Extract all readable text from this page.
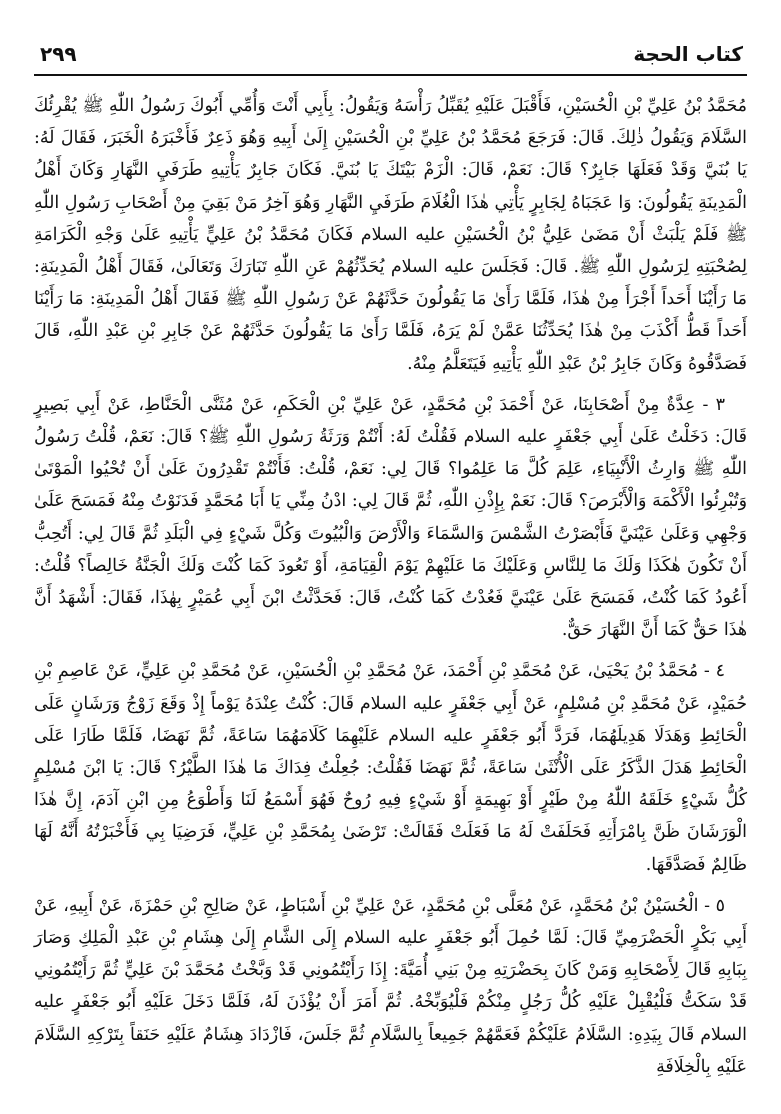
كتاب الحجة
٢٩٩

مُحَمَّدُ بْنُ عَلِيِّ بْنِ الْحُسَيْنِ، فَأَقْبَلَ عَلَيْهِ يُقَبِّلُ رَأْسَهُ وَيَقُولُ: بِأَبِي أَنْتَ وَأُمِّي أَبُوكَ رَسُولُ اللّٰهِ ﷺ يُقْرِئُكَ السَّلَامَ وَيَقُولُ ذٰلِكَ. قَالَ: فَرَجَعَ مُحَمَّدُ بْنُ عَلِيِّ بْنِ الْحُسَيْنِ إِلَىٰ أَبِيهِ وَهُوَ ذَعِرٌ فَأَخْبَرَهُ الْخَبَرَ، فَقَالَ لَهُ: يَا بُنَيَّ وَقَدْ فَعَلَهَا جَابِرٌ؟ قَالَ: نَعَمْ، قَالَ: الْزَمْ بَيْتَكَ يَا بُنَيَّ. فَكَانَ جَابِرٌ يَأْتِيهِ طَرَفَيِ النَّهَارِ وَكَانَ أَهْلُ الْمَدِينَةِ يَقُولُونَ: وَا عَجَبَاهُ لِجَابِرٍ يَأْتِي هٰذَا الْغُلَامَ طَرَفَيِ النَّهَارِ وَهُوَ آخِرُ مَنْ بَقِيَ مِنْ أَصْحَابِ رَسُولِ اللّٰهِ ﷺ فَلَمْ يَلْبَثْ أَنْ مَضَىٰ عَلِيُّ بْنُ الْحُسَيْنِ عليه السلام فَكَانَ مُحَمَّدُ بْنُ عَلِيٍّ يَأْتِيهِ عَلَىٰ وَجْهِ الْكَرَامَةِ لِصُحْبَتِهِ لِرَسُولِ اللّٰهِ ﷺ. قَالَ: فَجَلَسَ عليه السلام يُحَدِّثُهُمْ عَنِ اللّٰهِ تَبَارَكَ وَتَعَالَىٰ، فَقَالَ أَهْلُ الْمَدِينَةِ: مَا رَأَيْنَا أَحَداً أَجْرَأَ مِنْ هٰذَا، فَلَمَّا رَأَىٰ مَا يَقُولُونَ حَدَّثَهُمْ عَنْ رَسُولِ اللّٰهِ ﷺ فَقَالَ أَهْلُ الْمَدِينَةِ: مَا رَأَيْنَا أَحَداً قَطُّ أَكْذَبَ مِنْ هٰذَا يُحَدِّثُنَا عَمَّنْ لَمْ يَرَهُ، فَلَمَّا رَأَىٰ مَا يَقُولُونَ حَدَّثَهُمْ عَنْ جَابِرِ بْنِ عَبْدِ اللّٰهِ، قَالَ فَصَدَّقُوهُ وَكَانَ جَابِرُ بْنُ عَبْدِ اللّٰهِ يَأْتِيهِ فَيَتَعَلَّمُ مِنْهُ.

٣ - عِدَّةٌ مِنْ أَصْحَابِنَا، عَنْ أَحْمَدَ بْنِ مُحَمَّدٍ، عَنْ عَلِيِّ بْنِ الْحَكَمِ، عَنْ مُثَنَّى الْحَنَّاطِ، عَنْ أَبِي بَصِيرٍ قَالَ: دَخَلْتُ عَلَىٰ أَبِي جَعْفَرٍ عليه السلام فَقُلْتُ لَهُ: أَنْتُمْ وَرَثَةُ رَسُولِ اللّٰهِ ﷺ؟ قَالَ: نَعَمْ، قُلْتُ رَسُولُ اللّٰهِ ﷺ وَارِثُ الْأَنْبِيَاءِ، عَلِمَ كُلَّ مَا عَلِمُوا؟ قَالَ لِي: نَعَمْ، قُلْتُ: فَأَنْتُمْ تَقْدِرُونَ عَلَىٰ أَنْ تُحْيُوا الْمَوْتَىٰ وَتُبْرِئُوا الْأَكْمَهَ وَالْأَبْرَصَ؟ قَالَ: نَعَمْ بِإِذْنِ اللّٰهِ، ثُمَّ قَالَ لِي: ادْنُ مِنِّي يَا أَبَا مُحَمَّدٍ فَدَنَوْتُ مِنْهُ فَمَسَحَ عَلَىٰ وَجْهِي وَعَلَىٰ عَيْنَيَّ فَأَبْصَرْتُ الشَّمْسَ وَالسَّمَاءَ وَالْأَرْضَ وَالْبُيُوتَ وَكُلَّ شَيْءٍ فِي الْبَلَدِ ثُمَّ قَالَ لِي: أَتُحِبُّ أَنْ تَكُونَ هٰكَذَا وَلَكَ مَا لِلنَّاسِ وَعَلَيْكَ مَا عَلَيْهِمْ يَوْمَ الْقِيَامَةِ، أَوْ تَعُودَ كَمَا كُنْتَ وَلَكَ الْجَنَّةُ خَالِصاً؟ قُلْتُ: أَعُودُ كَمَا كُنْتُ، فَمَسَحَ عَلَىٰ عَيْنَيَّ فَعُدْتُ كَمَا كُنْتُ، قَالَ: فَحَدَّثْتُ ابْنَ أَبِي عُمَيْرٍ بِهٰذَا، فَقَالَ: أَشْهَدُ أَنَّ هٰذَا حَقٌّ كَمَا أَنَّ النَّهَارَ حَقٌّ.

٤ - مُحَمَّدُ بْنُ يَحْيَىٰ، عَنْ مُحَمَّدِ بْنِ أَحْمَدَ، عَنْ مُحَمَّدِ بْنِ الْحُسَيْنِ، عَنْ مُحَمَّدِ بْنِ عَلِيٍّ، عَنْ عَاصِمِ بْنِ حُمَيْدٍ، عَنْ مُحَمَّدِ بْنِ مُسْلِمٍ، عَنْ أَبِي جَعْفَرٍ عليه السلام قَالَ: كُنْتُ عِنْدَهُ يَوْماً إِذْ وَقَعَ زَوْجُ وَرَشَانٍ عَلَى الْحَائِطِ وَهَدَلَا هَدِيلَهُمَا، فَرَدَّ أَبُو جَعْفَرٍ عليه السلام عَلَيْهِمَا كَلَامَهُمَا سَاعَةً، ثُمَّ نَهَضَا، فَلَمَّا طَارَا عَلَى الْحَائِطِ هَدَلَ الذَّكَرُ عَلَى الْأُنْثَىٰ سَاعَةً، ثُمَّ نَهَضَا فَقُلْتُ: جُعِلْتُ فِدَاكَ مَا هٰذَا الطَّيْرُ؟ قَالَ: يَا ابْنَ مُسْلِمٍ كُلُّ شَيْءٍ خَلَقَهُ اللّٰهُ مِنْ طَيْرٍ أَوْ بَهِيمَةٍ أَوْ شَيْءٍ فِيهِ رُوحٌ فَهُوَ أَسْمَعُ لَنَا وَأَطْوَعُ مِنِ ابْنِ آدَمَ، إِنَّ هٰذَا الْوَرَشَانَ ظَنَّ بِامْرَأَتِهِ فَحَلَفَتْ لَهُ مَا فَعَلَتْ فَقَالَتْ: تَرْضَىٰ بِمُحَمَّدِ بْنِ عَلِيٍّ، فَرَضِيَا بِي فَأَخْبَرْتُهُ أَنَّهُ لَهَا ظَالِمٌ فَصَدَّقَهَا.

٥ - الْحُسَيْنُ بْنُ مُحَمَّدٍ، عَنْ مُعَلَّى بْنِ مُحَمَّدٍ، عَنْ عَلِيِّ بْنِ أَسْبَاطٍ، عَنْ صَالِحِ بْنِ حَمْزَةَ، عَنْ أَبِيهِ، عَنْ أَبِي بَكْرٍ الْحَضْرَمِيِّ قَالَ: لَمَّا حُمِلَ أَبُو جَعْفَرٍ عليه السلام إِلَى الشَّامِ إِلَىٰ هِشَامِ بْنِ عَبْدِ الْمَلِكِ وَصَارَ بِبَابِهِ قَالَ لِأَصْحَابِهِ وَمَنْ كَانَ بِحَضْرَتِهِ مِنْ بَنِي أُمَيَّةَ: إِذَا رَأَيْتُمُونِي قَدْ وَبَّخْتُ مُحَمَّدَ بْنَ عَلِيٍّ ثُمَّ رَأَيْتُمُونِي قَدْ سَكَتُّ فَلْيُقْبِلْ عَلَيْهِ كُلُّ رَجُلٍ مِنْكُمْ فَلْيُوَبِّخْهُ. ثُمَّ أَمَرَ أَنْ يُؤْذَنَ لَهُ، فَلَمَّا دَخَلَ عَلَيْهِ أَبُو جَعْفَرٍ عليه السلام قَالَ بِيَدِهِ: السَّلَامُ عَلَيْكُمْ فَعَمَّهُمْ جَمِيعاً بِالسَّلَامِ ثُمَّ جَلَسَ، فَازْدَادَ هِشَامٌ عَلَيْهِ حَنَقاً بِتَرْكِهِ السَّلَامَ عَلَيْهِ بِالْخِلَافَةِ
